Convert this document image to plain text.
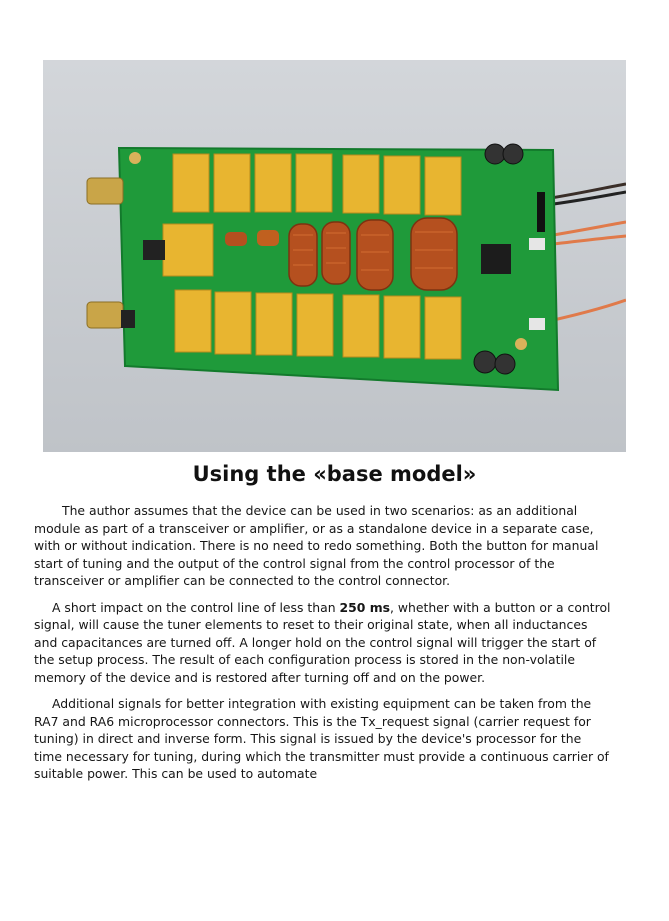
Using the «base model»

The author assumes that the device can be used in two scenarios: as an additional module as part of a transceiver or amplifier, or as a standalone device in a separate case, with or without indication. There is no need to redo something. Both the button for manual start of tuning and the output of the control signal from the control processor of the transceiver or amplifier can be connected to the control connector.

A short impact on the control line of less than 250 ms, whether with a button or a control signal, will cause the tuner elements to reset to their original state, when all inductances and capacitances are turned off. A longer hold on the control signal will trigger the start of the setup process. The result of each configuration process is stored in the non-volatile memory of the device and is restored after turning off and on the power.

Additional signals for better integration with existing equipment can be taken from the RA7 and RA6 microprocessor connectors. This is the Tx_request signal (carrier request for tuning) in direct and inverse form. This signal is issued by the device's processor for the time necessary for tuning, during which the transmitter must provide a continuous carrier of suitable power. This can be used to automate
